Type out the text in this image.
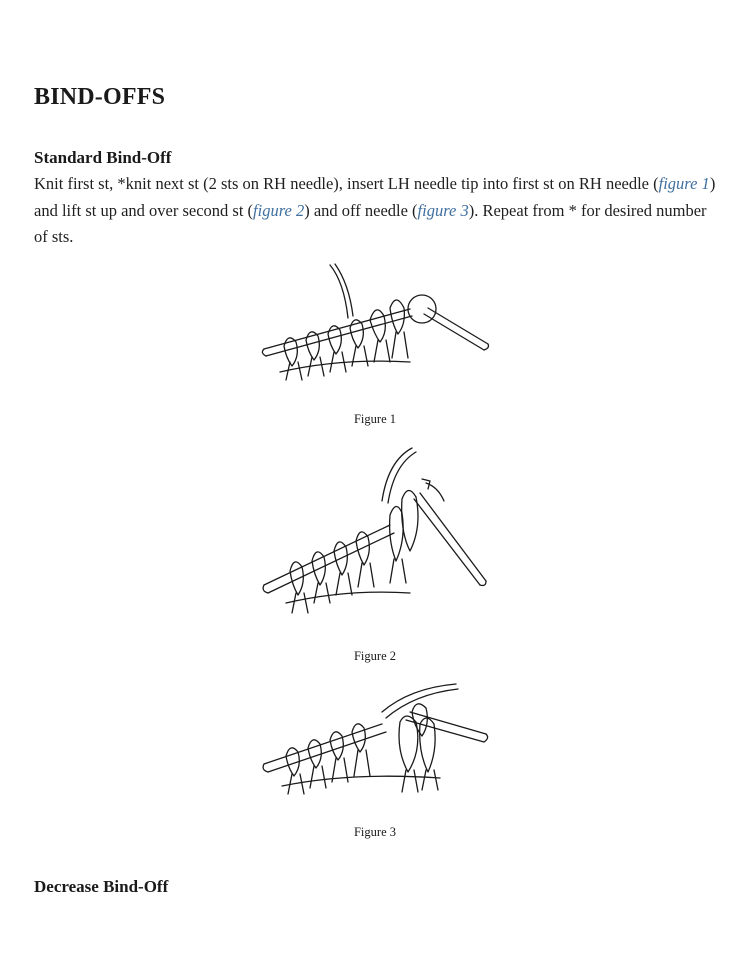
BIND-OFFS
Standard Bind-Off

Knit first st, *knit next st (2 sts on RH needle), insert LH needle tip into first st on RH needle (figure 1) and lift st up and over second st (figure 2) and off needle (figure 3). Repeat from * for desired number of sts.

Figure 1
Figure 2
Figure 3
Decrease Bind-Off
